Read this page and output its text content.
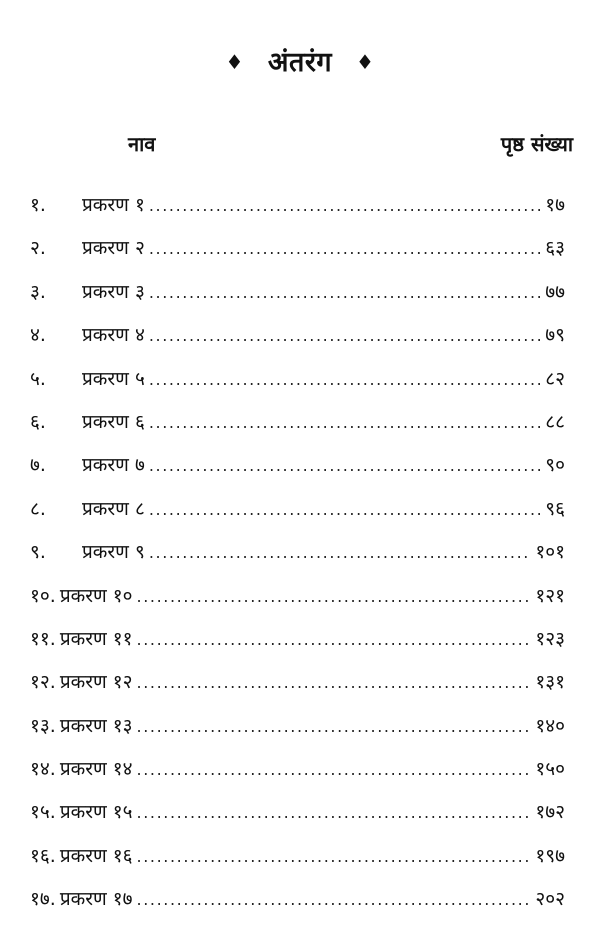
♦ अंतरंग ♦
नाव	पृष्ठ संख्या
१.	प्रकरण १ .....	१७
२.	प्रकरण २ .....	६३
३.	प्रकरण ३ .....	७७
४.	प्रकरण ४ .....	७९
५.	प्रकरण ५ .....	८२
६.	प्रकरण ६ .....	८८
७.	प्रकरण ७ .....	९०
८.	प्रकरण ८ .....	९६
९.	प्रकरण ९ .....	१०१
१०. प्रकरण १० .....	१२१
११. प्रकरण ११ .....	१२३
१२. प्रकरण १२ .....	१३१
१३. प्रकरण १३ .....	१४०
१४. प्रकरण १४ .....	१५०
१५. प्रकरण १५ .....	१७२
१६. प्रकरण १६ .....	१९७
१७. प्रकरण १७ .....	२०२
